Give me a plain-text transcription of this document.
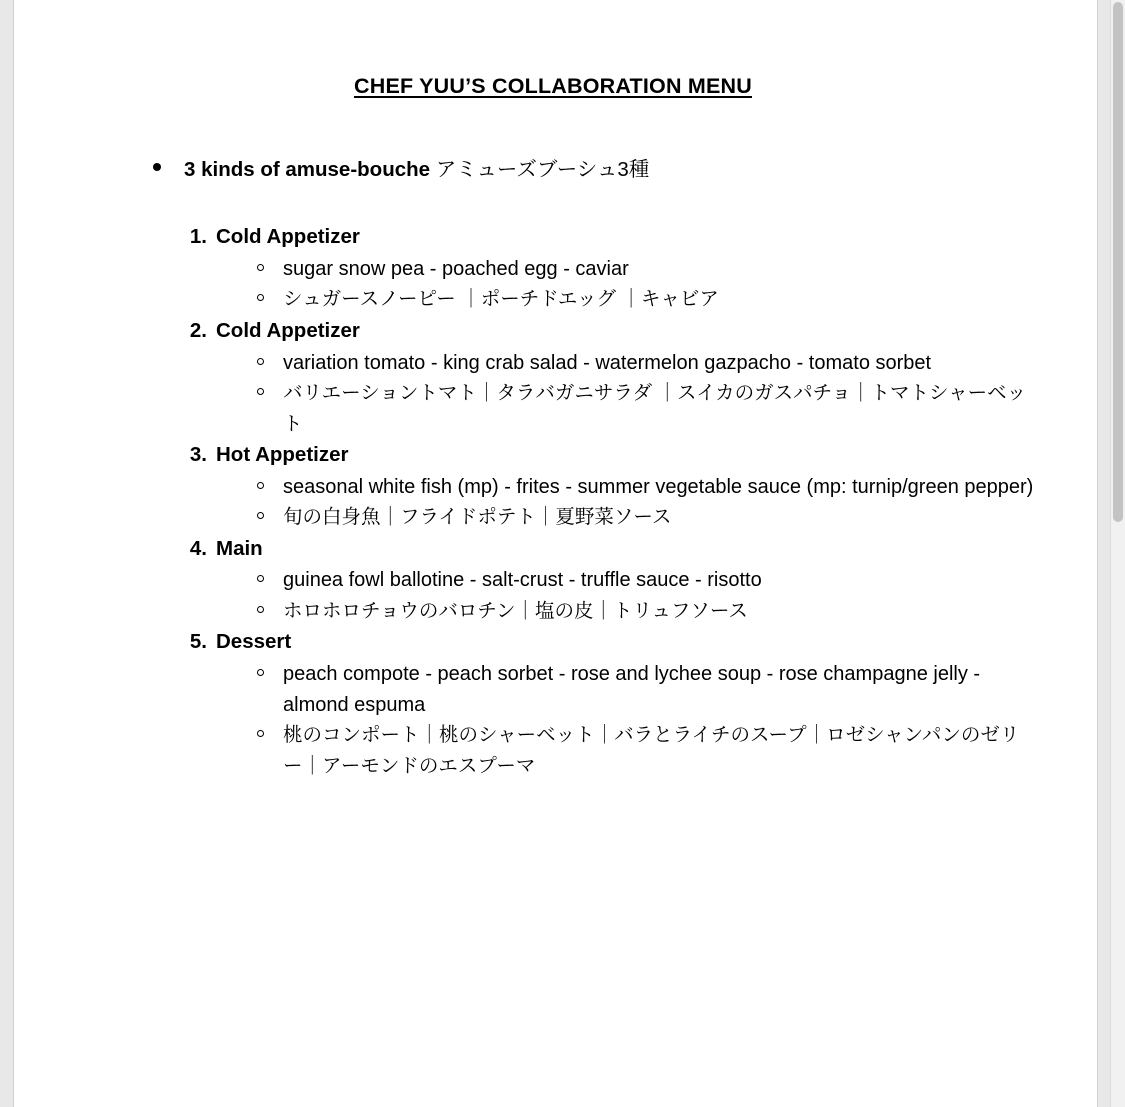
CHEF YUU’S COLLABORATION MENU
3 kinds of amuse-bouche アミューズブーシュ3種
1. Cold Appetizer
sugar snow pea - poached egg - caviar
シュガースノーピー ｜ポーチドエッグ ｜キャビア
2. Cold Appetizer
variation tomato - king crab salad - watermelon gazpacho - tomato sorbet
バリエーショントマト｜タラバガニサラダ ｜スイカのガスパチョ｜トマトシャーベット
3. Hot Appetizer
seasonal white fish (mp) - frites - summer vegetable sauce (mp: turnip/green pepper)
旬の白身魚｜フライドポテト｜夏野菜ソース
4. Main
guinea fowl ballotine - salt-crust - truffle sauce - risotto
ホロホロチョウのバロチン｜塩の皮｜トリュフソース
5. Dessert
peach compote - peach sorbet - rose and lychee soup - rose champagne jelly - almond espuma
桃のコンポート｜桃のシャーベット｜バラとライチのスープ｜ロゼシャンパンのゼリー｜アーモンドのエスプーマ
